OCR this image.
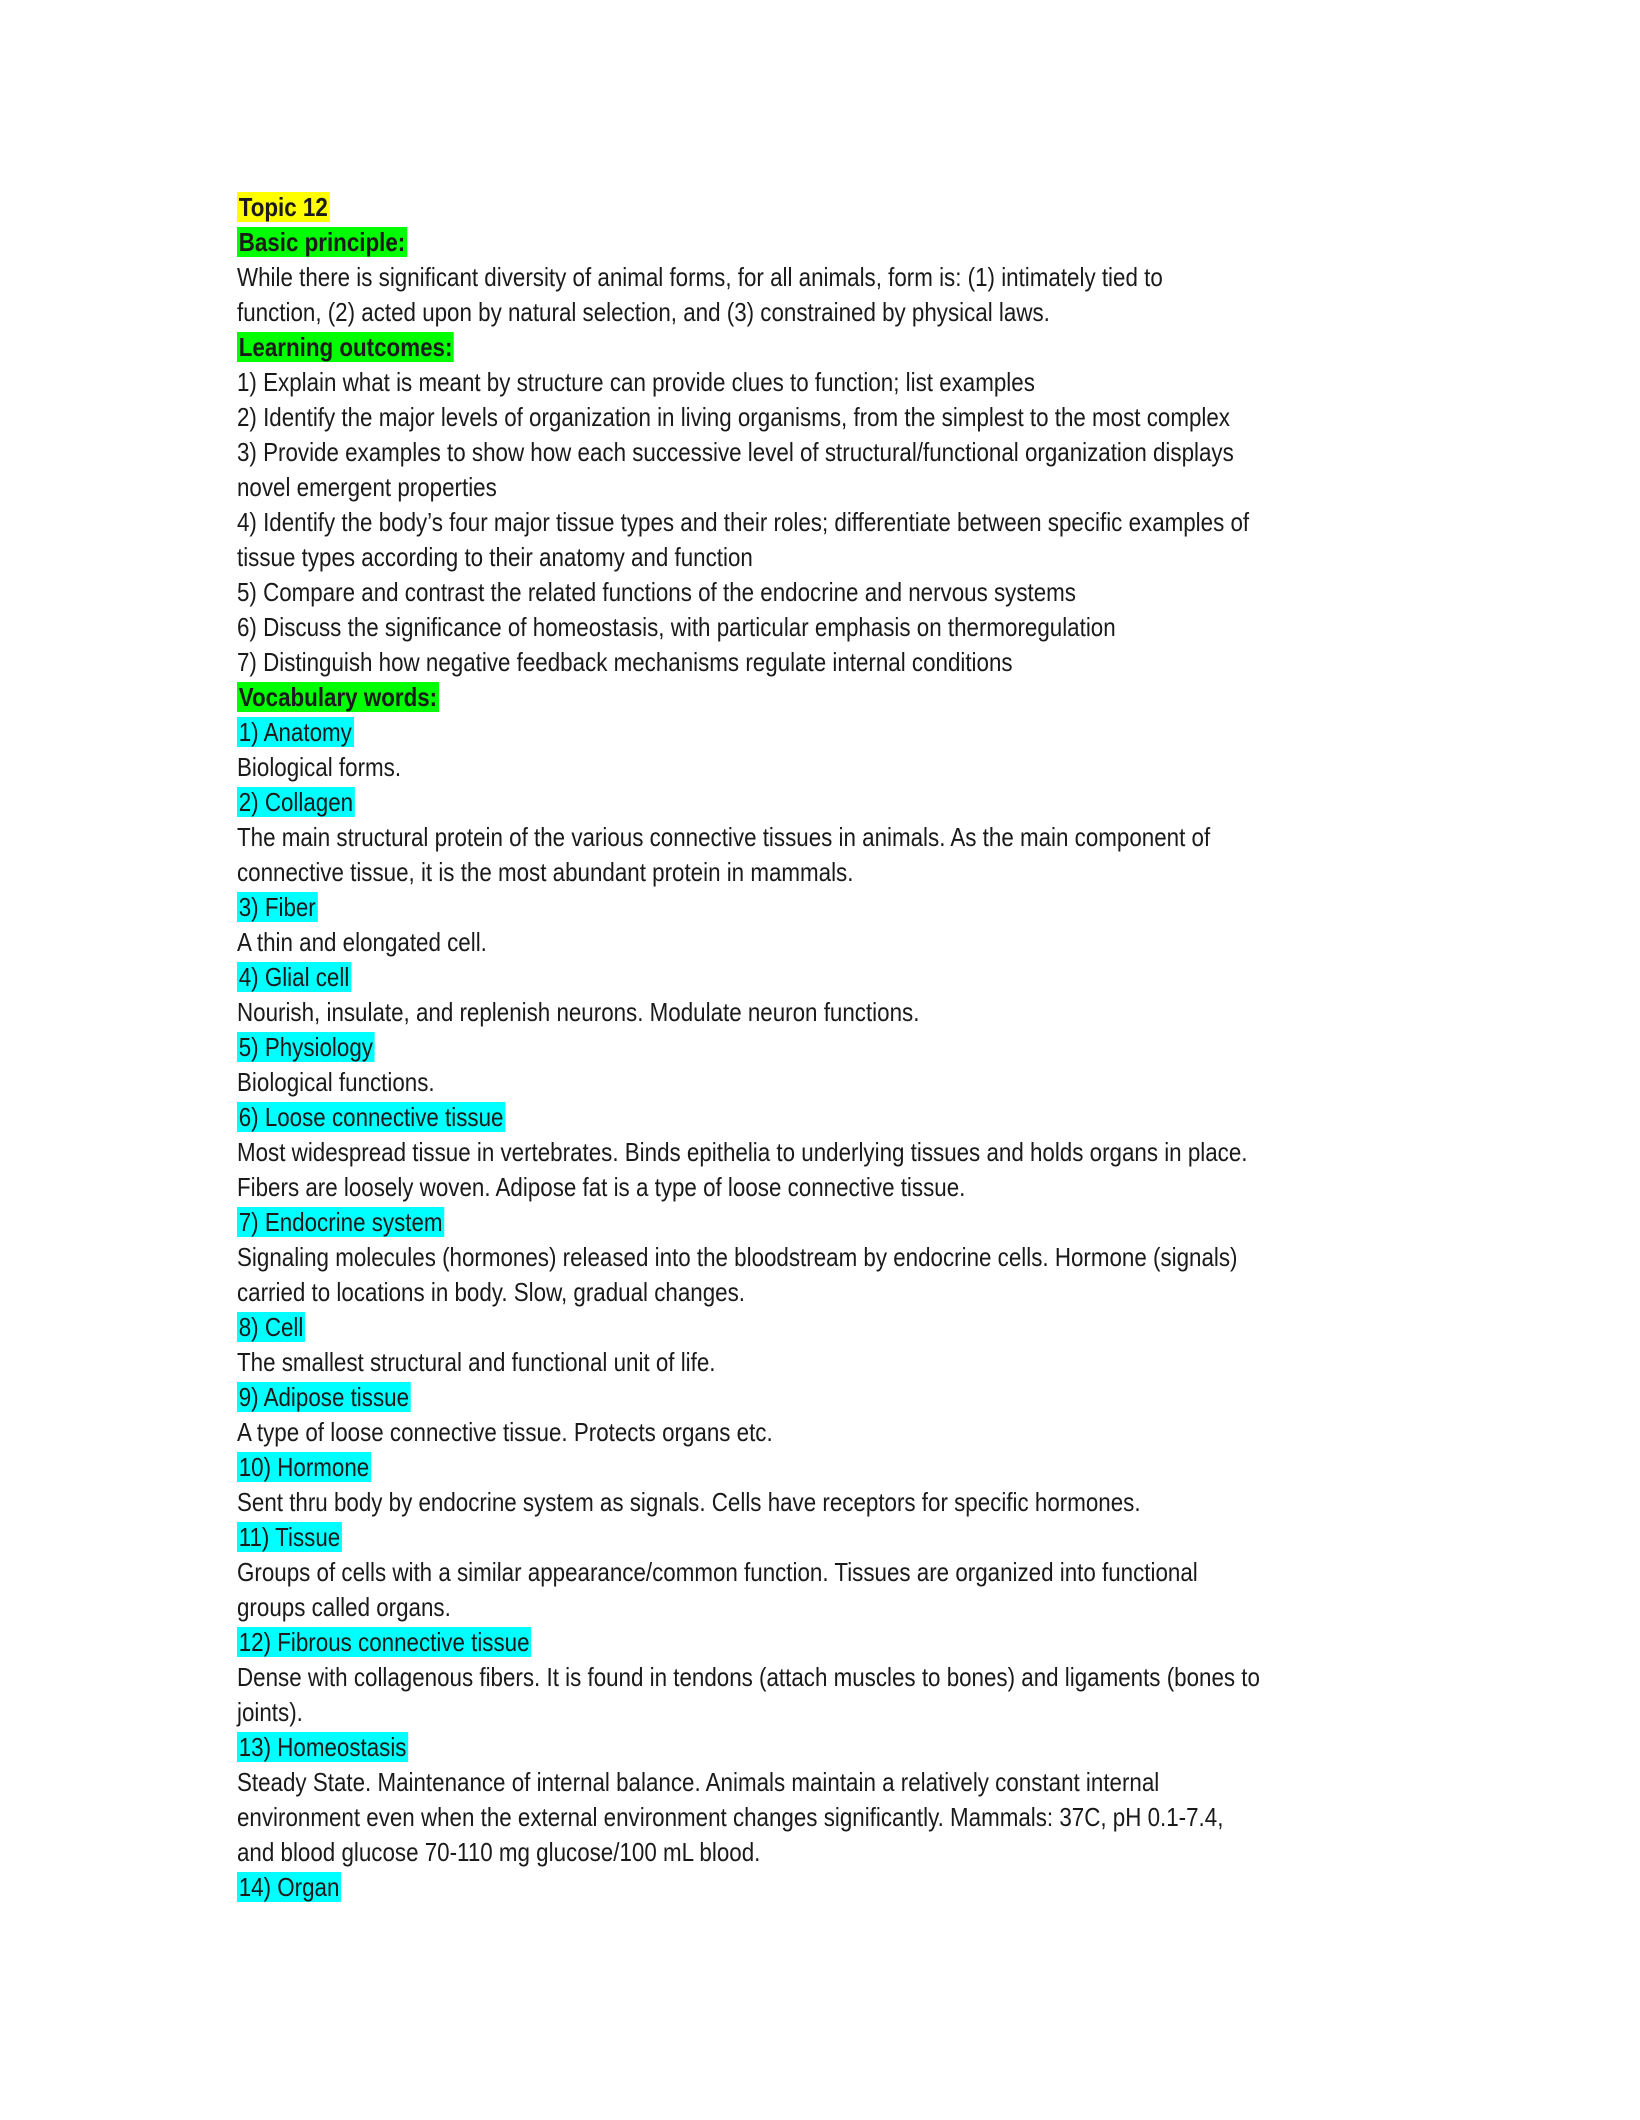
Topic 12
Basic principle:
While there is significant diversity of animal forms, for all animals, form is: (1) intimately tied to
function, (2) acted upon by natural selection, and (3) constrained by physical laws.
Learning outcomes:
1) Explain what is meant by structure can provide clues to function; list examples
2) Identify the major levels of organization in living organisms, from the simplest to the most complex
3) Provide examples to show how each successive level of structural/functional organization displays
novel emergent properties
4) Identify the body’s four major tissue types and their roles; differentiate between specific examples of
tissue types according to their anatomy and function
5) Compare and contrast the related functions of the endocrine and nervous systems
6) Discuss the significance of homeostasis, with particular emphasis on thermoregulation
7) Distinguish how negative feedback mechanisms regulate internal conditions
Vocabulary words:
1) Anatomy
Biological forms.
2) Collagen
The main structural protein of the various connective tissues in animals. As the main component of
connective tissue, it is the most abundant protein in mammals.
3) Fiber
A thin and elongated cell.
4) Glial cell
Nourish, insulate, and replenish neurons. Modulate neuron functions.
5) Physiology
Biological functions.
6) Loose connective tissue
Most widespread tissue in vertebrates. Binds epithelia to underlying tissues and holds organs in place.
Fibers are loosely woven. Adipose fat is a type of loose connective tissue.
7) Endocrine system
Signaling molecules (hormones) released into the bloodstream by endocrine cells. Hormone (signals)
carried to locations in body. Slow, gradual changes.
8) Cell
The smallest structural and functional unit of life.
9) Adipose tissue
A type of loose connective tissue. Protects organs etc.
10) Hormone
Sent thru body by endocrine system as signals. Cells have receptors for specific hormones.
11) Tissue
Groups of cells with a similar appearance/common function. Tissues are organized into functional
groups called organs.
12) Fibrous connective tissue
Dense with collagenous fibers. It is found in tendons (attach muscles to bones) and ligaments (bones to
joints).
13) Homeostasis
Steady State. Maintenance of internal balance. Animals maintain a relatively constant internal
environment even when the external environment changes significantly. Mammals: 37C, pH 0.1-7.4,
and blood glucose 70-110 mg glucose/100 mL blood.
14) Organ
